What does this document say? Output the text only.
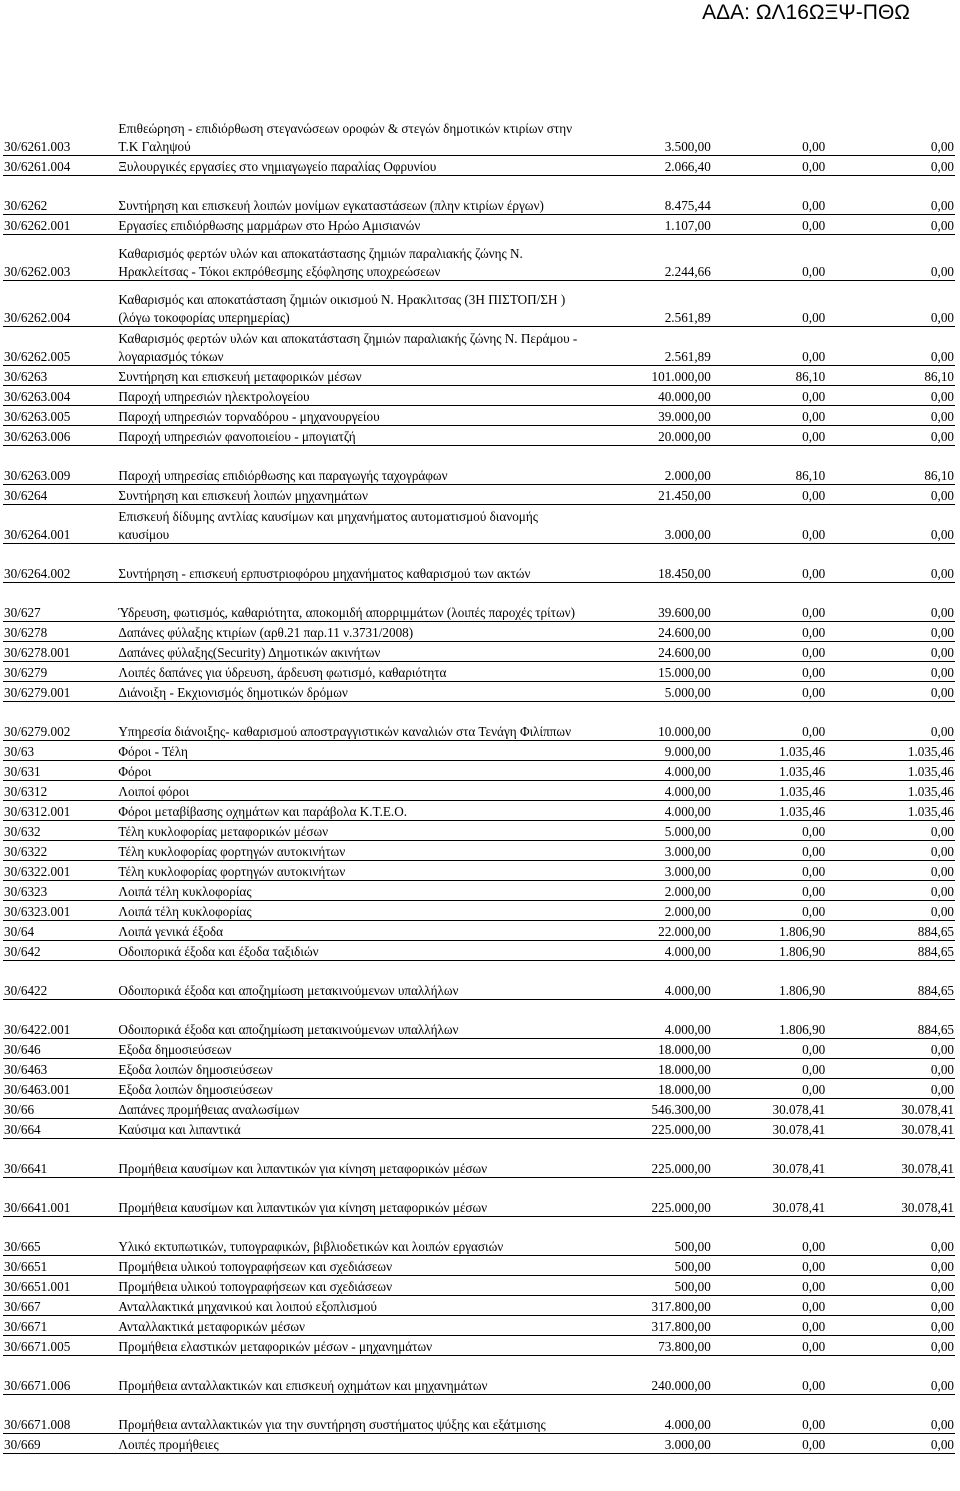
ΑΔΑ: ΩΛ16ΩΞΨ-ΠΘΩ
30/6261.003	Επιθεώρηση - επιδιόρθωση στεγανώσεων οροφών & στεγών δημοτικών κτιρίων στην Τ.Κ Γαληψού	3.500,00	0,00	0,00
30/6261.004	Ξυλουργικές εργασίες στο νημιαγωγείο παραλίας Οφρυνίου	2.066,40	0,00	0,00
30/6262	Συντήρηση και επισκευή λοιπών μονίμων εγκαταστάσεων (πλην κτιρίων έργων)	8.475,44	0,00	0,00
30/6262.001	Εργασίες επιδιόρθωσης μαρμάρων στο Ηρώο Αμισιανών	1.107,00	0,00	0,00
30/6262.003	Καθαρισμός φερτών υλών και αποκατάστασης ζημιών παραλιακής ζώνης Ν. Ηρακλείτσας - Τόκοι εκπρόθεσμης εξόφλησης υποχρεώσεων	2.244,66	0,00	0,00
30/6262.004	Καθαρισμός και αποκατάσταση ζημιών οικισμού Ν. Ηρακλιτσας (3Η ΠΙΣΤΟΠ/ΣΗ )(λόγω τοκοφορίας υπερημερίας)	2.561,89	0,00	0,00
30/6262.005	Καθαρισμός φερτών υλών και αποκατάσταση ζημιών παραλιακής ζώνης Ν. Περάμου - λογαριασμός τόκων	2.561,89	0,00	0,00
30/6263	Συντήρηση και επισκευή μεταφορικών μέσων	101.000,00	86,10	86,10
30/6263.004	Παροχή υπηρεσιών ηλεκτρολογείου	40.000,00	0,00	0,00
30/6263.005	Παροχή υπηρεσιών τορναδόρου - μηχανουργείου	39.000,00	0,00	0,00
30/6263.006	Παροχή υπηρεσιών φανοποιείου - μπογιατζή	20.000,00	0,00	0,00
30/6263.009	Παροχή υπηρεσίας επιδιόρθωσης και παραγωγής ταχογράφων	2.000,00	86,10	86,10
30/6264	Συντήρηση και επισκευή λοιπών μηχανημάτων	21.450,00	0,00	0,00
30/6264.001	Επισκευή δίδυμης αντλίας καυσίμων και μηχανήματος αυτοματισμού διανομής καυσίμου	3.000,00	0,00	0,00
30/6264.002	Συντήρηση - επισκευή ερπυστριοφόρου μηχανήματος καθαρισμού των ακτών	18.450,00	0,00	0,00
30/627	Ύδρευση, φωτισμός, καθαριότητα, αποκομιδή απορριμμάτων (λοιπές παροχές τρίτων)	39.600,00	0,00	0,00
30/6278	Δαπάνες φύλαξης κτιρίων (αρθ.21 παρ.11 ν.3731/2008)	24.600,00	0,00	0,00
30/6278.001	Δαπάνες φύλαξης(Security) Δημοτικών ακινήτων	24.600,00	0,00	0,00
30/6279	Λοιπές δαπάνες για ύδρευση, άρδευση φωτισμό, καθαριότητα	15.000,00	0,00	0,00
30/6279.001	Διάνοιξη - Εκχιονισμός δημοτικών δρόμων	5.000,00	0,00	0,00
30/6279.002	Υπηρεσία διάνοιξης- καθαρισμού αποστραγγιστικών καναλιών στα Τενάγη Φιλίππων	10.000,00	0,00	0,00
30/63	Φόροι - Τέλη	9.000,00	1.035,46	1.035,46
30/631	Φόροι	4.000,00	1.035,46	1.035,46
30/6312	Λοιποί φόροι	4.000,00	1.035,46	1.035,46
30/6312.001	Φόροι μεταβίβασης οχημάτων και παράβολα Κ.Τ.Ε.Ο.	4.000,00	1.035,46	1.035,46
30/632	Τέλη κυκλοφορίας μεταφορικών μέσων	5.000,00	0,00	0,00
30/6322	Τέλη κυκλοφορίας φορτηγών αυτοκινήτων	3.000,00	0,00	0,00
30/6322.001	Τέλη κυκλοφορίας φορτηγών αυτοκινήτων	3.000,00	0,00	0,00
30/6323	Λοιπά τέλη κυκλοφορίας	2.000,00	0,00	0,00
30/6323.001	Λοιπά τέλη κυκλοφορίας	2.000,00	0,00	0,00
30/64	Λοιπά γενικά έξοδα	22.000,00	1.806,90	884,65
30/642	Οδοιπορικά έξοδα και έξοδα ταξιδιών	4.000,00	1.806,90	884,65
30/6422	Οδοιπορικά έξοδα και αποζημίωση μετακινούμενων υπαλλήλων	4.000,00	1.806,90	884,65
30/6422.001	Οδοιπορικά έξοδα και αποζημίωση μετακινούμενων υπαλλήλων	4.000,00	1.806,90	884,65
30/646	Εξοδα δημοσιεύσεων	18.000,00	0,00	0,00
30/6463	Εξοδα λοιπών δημοσιεύσεων	18.000,00	0,00	0,00
30/6463.001	Εξοδα λοιπών δημοσιεύσεων	18.000,00	0,00	0,00
30/66	Δαπάνες προμήθειας αναλωσίμων	546.300,00	30.078,41	30.078,41
30/664	Καύσιμα και λιπαντικά	225.000,00	30.078,41	30.078,41
30/6641	Προμήθεια καυσίμων και λιπαντικών για κίνηση μεταφορικών μέσων	225.000,00	30.078,41	30.078,41
30/6641.001	Προμήθεια καυσίμων και λιπαντικών για κίνηση μεταφορικών μέσων	225.000,00	30.078,41	30.078,41
30/665	Υλικό εκτυπωτικών, τυπογραφικών, βιβλιοδετικών και λοιπών εργασιών	500,00	0,00	0,00
30/6651	Προμήθεια υλικού τοπογραφήσεων και σχεδιάσεων	500,00	0,00	0,00
30/6651.001	Προμήθεια υλικού τοπογραφήσεων και σχεδιάσεων	500,00	0,00	0,00
30/667	Ανταλλακτικά μηχανικού και λοιπού εξοπλισμού	317.800,00	0,00	0,00
30/6671	Ανταλλακτικά μεταφορικών μέσων	317.800,00	0,00	0,00
30/6671.005	Προμήθεια ελαστικών μεταφορικών μέσων - μηχανημάτων	73.800,00	0,00	0,00
30/6671.006	Προμήθεια ανταλλακτικών και επισκευή οχημάτων και μηχανημάτων	240.000,00	0,00	0,00
30/6671.008	Προμήθεια ανταλλακτικών για την συντήρηση συστήματος ψύξης και εξάτμισης	4.000,00	0,00	0,00
30/669	Λοιπές προμήθειες	3.000,00	0,00	0,00
